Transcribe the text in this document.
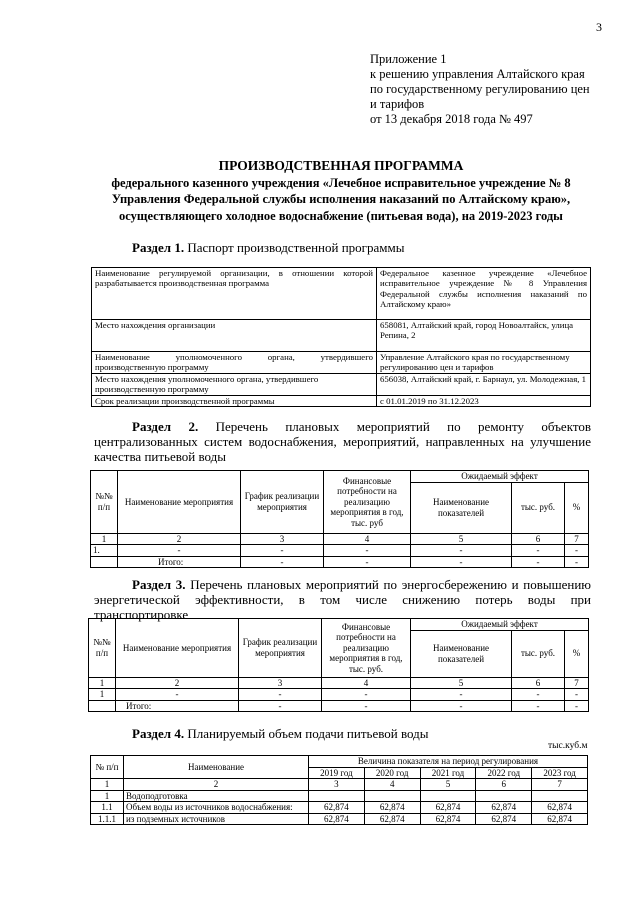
3
Приложение 1
к решению управления Алтайского края
по государственному регулированию цен
и тарифов
от 13 декабря 2018 года № 497
ПРОИЗВОДСТВЕННАЯ ПРОГРАММА
федерального казенного учреждения «Лечебное исправительное учреждение № 8
Управления Федеральной службы исполнения наказаний по Алтайскому краю»,
осуществляющего холодное водоснабжение (питьевая вода), на 2019-2023 годы
Раздел 1. Паспорт производственной программы
Наименование регулируемой организации, в отношении которой разрабатывается производственная программа	Федеральное казенное учреждение «Лечебное исправительное учреждение № 8 Управления Федеральной службы исполнения наказаний по Алтайскому краю»
Место нахождения организации	658081, Алтайский край, город Новоалтайск, улица Репина, 2
Наименование уполномоченного органа, утвердившего производственную программу	Управление Алтайского края по государственному регулированию цен и тарифов
Место нахождения уполномоченного органа, утвердившего производственную программу	656038, Алтайский край, г. Барнаул, ул. Молодежная, 1
Срок реализации производственной программы	с 01.01.2019 по 31.12.2023
Раздел 2. Перечень плановых мероприятий по ремонту объектов централизованных систем водоснабжения, мероприятий, направленных на улучшение качества питьевой воды
№№ п/п	Наименование мероприятия	График реализации мероприятия	Финансовые потребности на реализацию мероприятия в год, тыс. руб	Ожидаемый эффект		
				Наименование показателей	тыс. руб.	%
1	2	3	4	5	6	7
1.	-	-	-	-	-	-
	Итого:	-	-	-	-	-
Раздел 3. Перечень плановых мероприятий по энергосбережению и повышению энергетической эффективности, в том числе снижению потерь воды при транспортировке
№№ п/п	Наименование мероприятия	График реализации мероприятия	Финансовые потребности на реализацию мероприятия в год, тыс. руб.	Ожидаемый эффект		
				Наименование показателей	тыс. руб.	%
1	2	3	4	5	6	7
1	-	-	-	-	-	-
	Итого:	-	-	-	-	-
Раздел 4. Планируемый объем подачи питьевой воды
тыс.куб.м
№ п/п	Наименование	Величина показателя на период регулирования				
		2019 год	2020 год	2021 год	2022 год	2023 год
1	2	3	4	5	6	7
1	Водоподготовка					
1.1	Объем воды из источников водоснабжения:	62,874	62,874	62,874	62,874	62,874
1.1.1	из подземных источников	62,874	62,874	62,874	62,874	62,874
